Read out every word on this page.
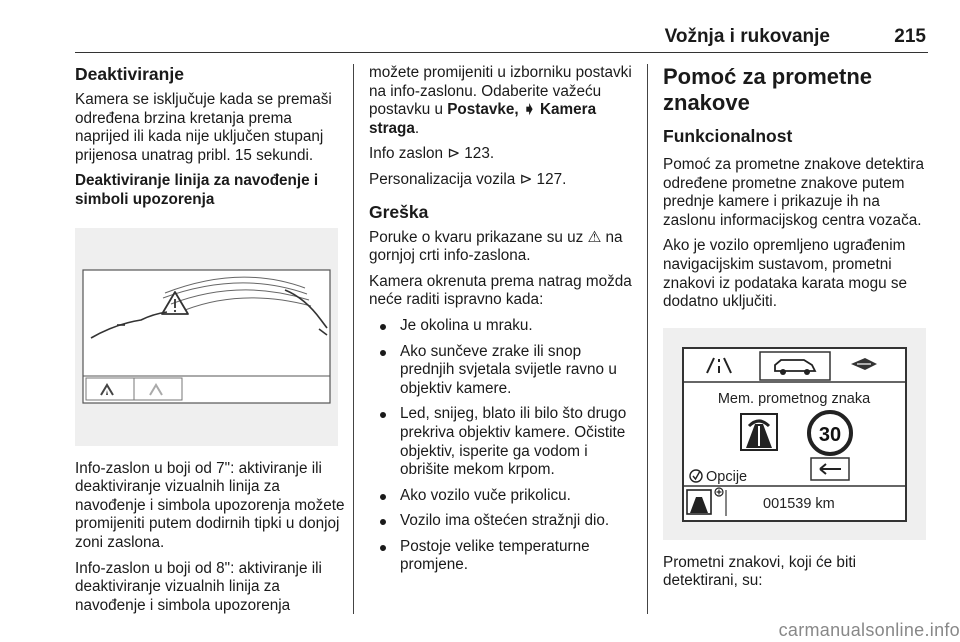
Vožnja i rukovanje	215
Deaktiviranje

Kamera se isključuje kada se premaši određena brzina kretanja prema naprijed ili kada nije uključen stupanj prijenosa unatrag pribl. 15 sekundi.

Deaktiviranje linija za navođenje i simboli upozorenja

Info-zaslon u boji od 7": aktiviranje ili deaktiviranje vizualnih linija za navođenje i simbola upozorenja možete promijeniti putem dodirnih tipki u donjoj zoni zaslona.

Info-zaslon u boji od 8": aktiviranje ili deaktiviranje vizualnih linija za navođenje i simbola upozorenja

možete promijeniti u izborniku postavki na info-zaslonu. Odaberite važeću postavku u Postavke, ➧ Kamera straga.

Info zaslon ⊳ 123.

Personalizacija vozila ⊳ 127.

Greška

Poruke o kvaru prikazane su uz ⚠ na gornjoj crti info-zaslona.

Kamera okrenuta prema natrag možda neće raditi ispravno kada:

Je okolina u mraku.
Ako sunčeve zrake ili snop prednjih svjetala svijetle ravno u objektiv kamere.
Led, snijeg, blato ili bilo što drugo prekriva objektiv kamere. Očistite objektiv, isperite ga vodom i obrišite mekom krpom.
Ako vozilo vuče prikolicu.
Vozilo ima oštećen stražnji dio.
Postoje velike temperaturne promjene.
Pomoć za prometne znakove
Funkcionalnost

Pomoć za prometne znakove detektira određene prometne znakove putem prednje kamere i prikazuje ih na zaslonu informacijskog centra vozača.

Ako je vozilo opremljeno ugrađenim navigacijskim sustavom, prometni znakovi iz podataka karata mogu se dodatno uključiti.

Mem. prometnog znaka
30
Opcije
001539 km

Prometni znakovi, koji će biti detektirani, su:

carmanualsonline.info
